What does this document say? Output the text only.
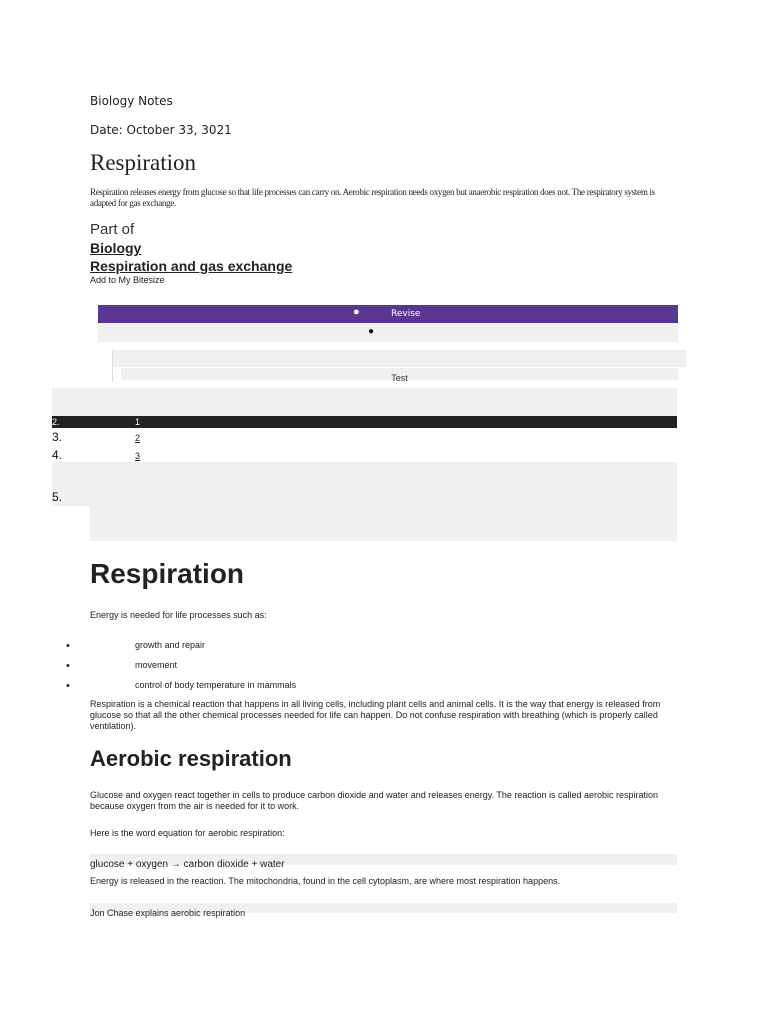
Biology Notes
Date: October 33, 3021
Respiration
Respiration releases energy from glucose so that life processes can carry on. Aerobic respiration needs oxygen but anaerobic respiration does not. The respiratory system is adapted for gas exchange.
Part of
Biology
Respiration and gas exchange
Add to My Bitesize
●	Revise
●
Test
2.	1
3.	2
4.	3
5.
Respiration
Energy is needed for life processes such as:
•	growth and repair
•	movement
•	control of body temperature in mammals
Respiration is a chemical reaction that happens in all living cells, including plant cells and animal cells. It is the way that energy is released from glucose so that all the other chemical processes needed for life can happen. Do not confuse respiration with breathing (which is properly called ventilation).
Aerobic respiration
Glucose and oxygen react together in cells to produce carbon dioxide and water and releases energy. The reaction is called aerobic respiration because oxygen from the air is needed for it to work.
Here is the word equation for aerobic respiration:
glucose + oxygen → carbon dioxide + water
Energy is released in the reaction. The mitochondria, found in the cell cytoplasm, are where most respiration happens.
Jon Chase explains aerobic respiration
